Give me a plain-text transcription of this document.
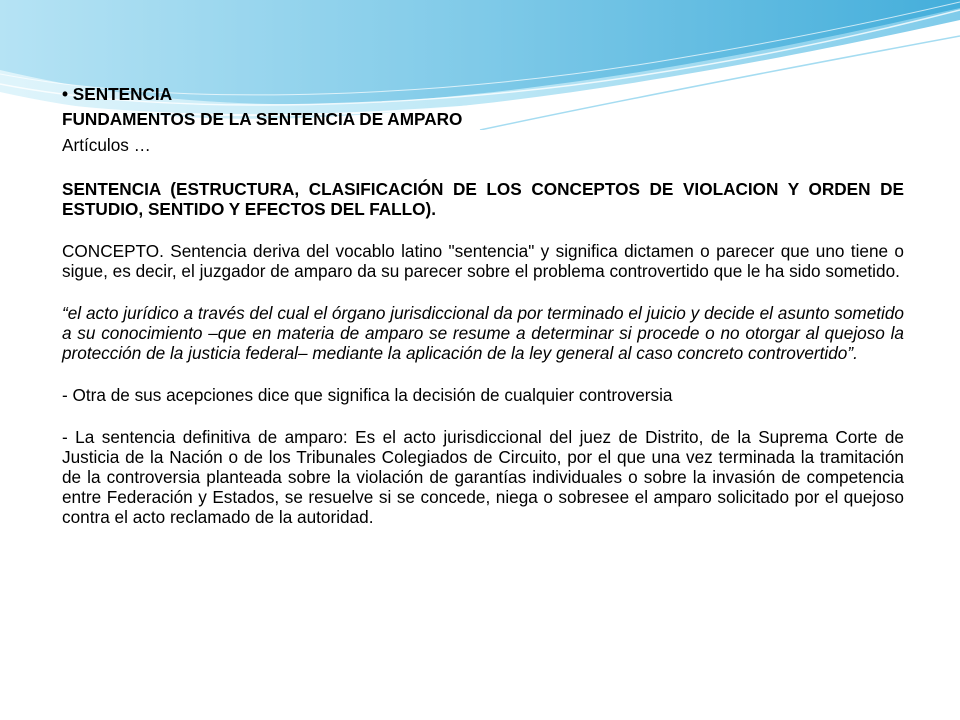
• SENTENCIA

FUNDAMENTOS DE LA SENTENCIA DE AMPARO

Artículos …

SENTENCIA (ESTRUCTURA, CLASIFICACIÓN DE LOS CONCEPTOS DE VIOLACION Y ORDEN DE ESTUDIO, SENTIDO Y EFECTOS DEL FALLO).

CONCEPTO. Sentencia deriva del vocablo latino "sentencia" y significa dictamen o parecer que uno tiene o sigue, es decir, el juzgador de amparo da su parecer sobre el problema controvertido que le ha sido sometido.

“el acto jurídico a través del cual el órgano jurisdiccional da por terminado el juicio y decide el asunto sometido a su conocimiento –que en materia de amparo se resume a determinar si procede o no otorgar al quejoso la protección de la justicia federal– mediante la aplicación de la ley general al caso concreto controvertido”.

- Otra de sus acepciones dice que significa la decisión de cualquier controversia

- La sentencia definitiva de amparo: Es el acto jurisdiccional del juez de Distrito, de la Suprema Corte de Justicia de la Nación o de los Tribunales Colegiados de Circuito, por el que una vez terminada la tramitación de la controversia planteada sobre la violación de garantías individuales o sobre la invasión de competencia entre Federación y Estados, se resuelve si se concede, niega o sobresee el amparo solicitado por el quejoso contra el acto reclamado de la autoridad.
